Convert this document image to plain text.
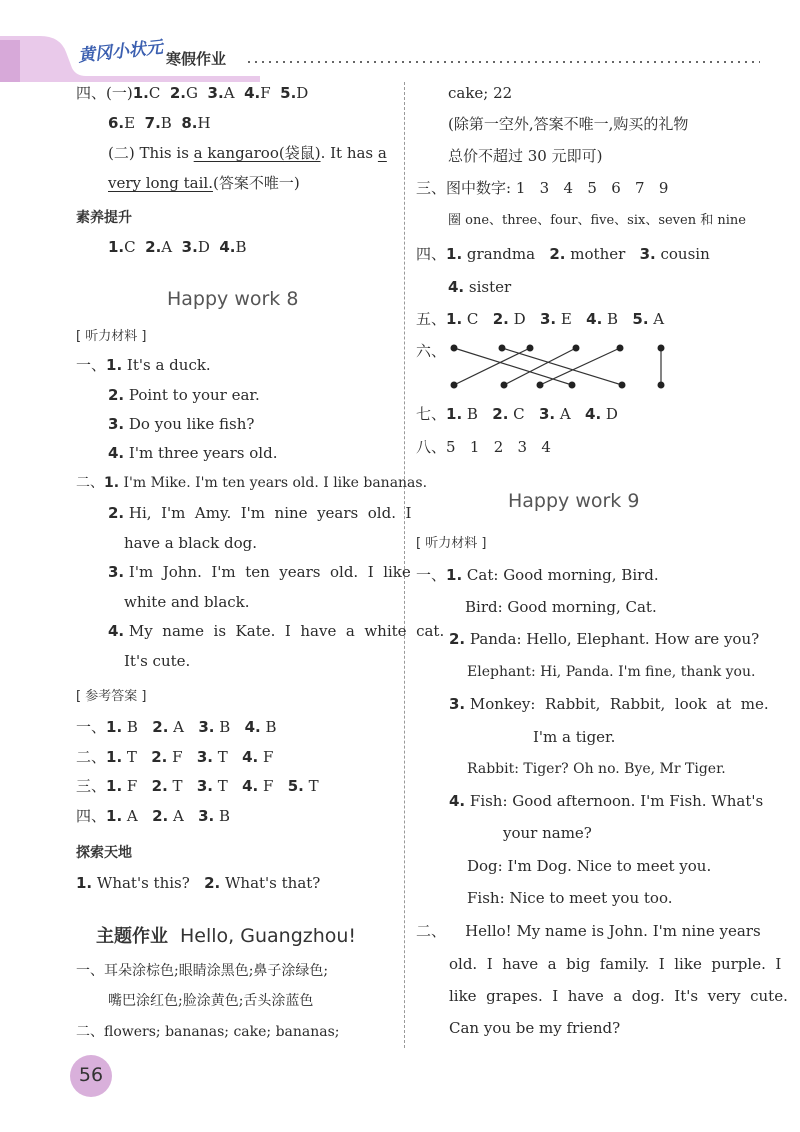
黄冈小状元 寒假作业
四、(一)1.C  2.G  3.A  4.F  5.D
6.E  7.B  8.H
(二) This is a kangaroo(袋鼠). It has a
very long tail.(答案不唯一)
素养提升
1.C  2.A  3.D  4.B
Happy work 8
[ 听力材料 ]
一、1. It's a duck.
2. Point to your ear.
3. Do you like fish?
4. I'm three years old.
二、1. I'm Mike. I'm ten years old. I like bananas.
2. Hi,  I'm  Amy.  I'm  nine  years  old.  I
have a black dog.
3. I'm  John.  I'm  ten  years  old.  I  like
white and black.
4. My  name  is  Kate.  I  have  a  white  cat.
It's cute.
[ 参考答案 ]
一、1. B   2. A   3. B   4. B
二、1. T   2. F   3. T   4. F
三、1. F   2. T   3. T   4. F   5. T
四、1. A   2. A   3. B
探索天地
1. What's this?   2. What's that?
主题作业 Hello, Guangzhou!
一、耳朵涂棕色;眼睛涂黑色;鼻子涂绿色;
嘴巴涂红色;脸涂黄色;舌头涂蓝色
二、flowers; bananas; cake; bananas;
cake; 22
(除第一空外,答案不唯一,购买的礼物
总价不超过 30 元即可)
三、图中数字: 1   3   4   5   6   7   9
圈 one、three、four、five、six、seven 和 nine
四、1. grandma   2. mother   3. cousin
4. sister
五、1. C   2. D   3. E   4. B   5. A
六、
七、1. B   2. C   3. A   4. D
八、5   1   2   3   4
Happy work 9
[ 听力材料 ]
一、1. Cat: Good morning, Bird.
Bird: Good morning, Cat.
2. Panda: Hello, Elephant. How are you?
Elephant: Hi, Panda. I'm fine, thank you.
3. Monkey:  Rabbit,  Rabbit,  look  at  me.
I'm a tiger.
Rabbit: Tiger? Oh no. Bye, Mr Tiger.
4. Fish: Good afternoon. I'm Fish. What's
your name?
Dog: I'm Dog. Nice to meet you.
Fish: Nice to meet you too.
二、    Hello! My name is John. I'm nine years
old.  I  have  a  big  family.  I  like  purple.  I
like  grapes.  I  have  a  dog.  It's  very  cute.
Can you be my friend?
56
